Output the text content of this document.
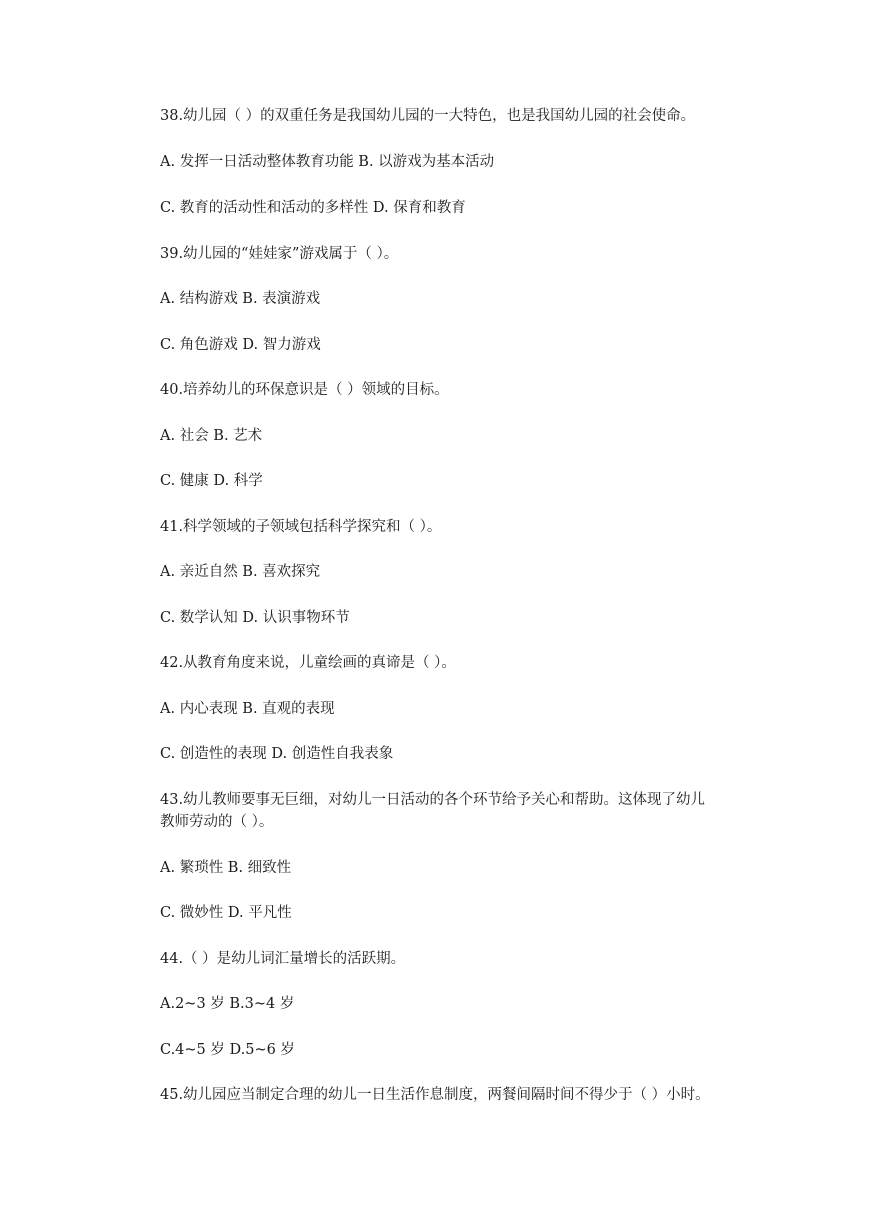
38.幼儿园（ ）的双重任务是我国幼儿园的一大特色，也是我国幼儿园的社会使命。
A. 发挥一日活动整体教育功能 B. 以游戏为基本活动
C. 教育的活动性和活动的多样性 D. 保育和教育
39.幼儿园的“娃娃家”游戏属于（ ）。
A. 结构游戏 B. 表演游戏
C. 角色游戏 D. 智力游戏
40.培养幼儿的环保意识是（ ）领域的目标。
A. 社会 B. 艺术
C. 健康 D. 科学
41.科学领域的子领域包括科学探究和（ ）。
A. 亲近自然 B. 喜欢探究
C. 数学认知 D. 认识事物环节
42.从教育角度来说，儿童绘画的真谛是（ ）。
A. 内心表现 B. 直观的表现
C. 创造性的表现 D. 创造性自我表象
43.幼儿教师要事无巨细，对幼儿一日活动的各个环节给予关心和帮助。这体现了幼儿
教师劳动的（ ）。
A. 繁琐性 B. 细致性
C. 微妙性 D. 平凡性
44.（ ）是幼儿词汇量增长的活跃期。
A.2~3 岁 B.3~4 岁
C.4~5 岁 D.5~6 岁
45.幼儿园应当制定合理的幼儿一日生活作息制度，两餐间隔时间不得少于（ ）小时。
